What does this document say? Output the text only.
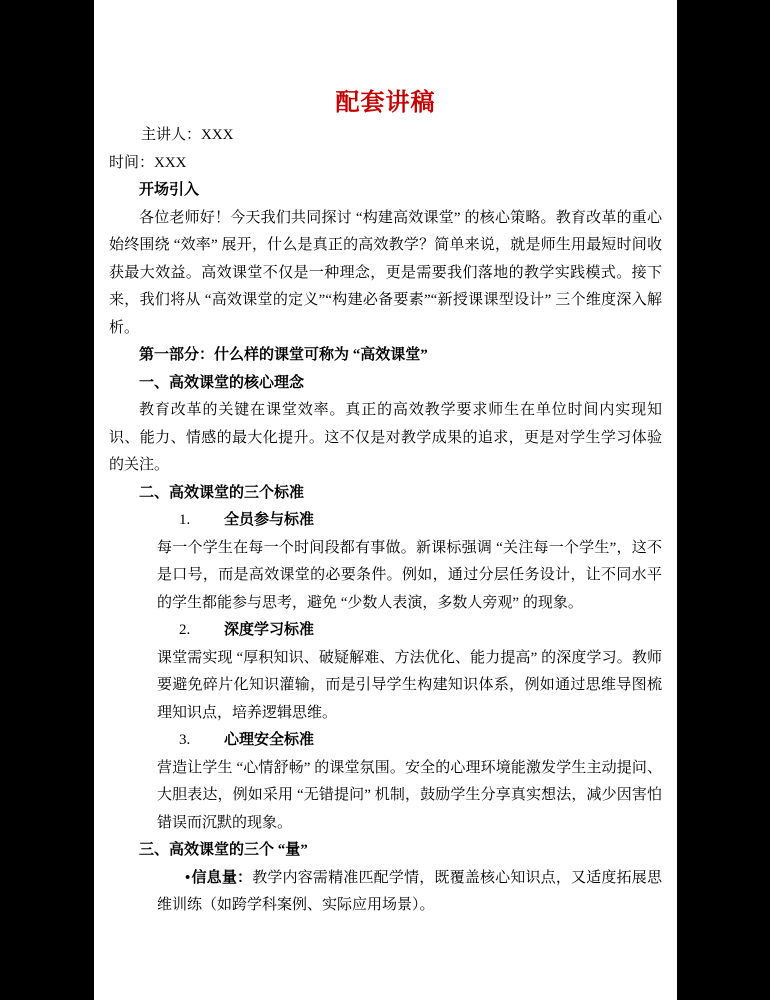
配套讲稿

主讲人：XXX

时间：XXX

开场引入

各位老师好！今天我们共同探讨 “构建高效课堂” 的核心策略。教育改革的重心始终围绕 “效率” 展开，什么是真正的高效教学？简单来说，就是师生用最短时间收获最大效益。高效课堂不仅是一种理念，更是需要我们落地的教学实践模式。接下来，我们将从 “高效课堂的定义”“构建必备要素”“新授课课型设计” 三个维度深入解析。

第一部分：什么样的课堂可称为 “高效课堂”

一、高效课堂的核心理念

教育改革的关键在课堂效率。真正的高效教学要求师生在单位时间内实现知识、能力、情感的最大化提升。这不仅是对教学成果的追求，更是对学生学习体验的关注。

二、高效课堂的三个标准

1. 全员参与标准

每一个学生在每一个时间段都有事做。新课标强调 “关注每一个学生”，这不是口号，而是高效课堂的必要条件。例如，通过分层任务设计，让不同水平的学生都能参与思考，避免 “少数人表演，多数人旁观” 的现象。

2. 深度学习标准

课堂需实现 “厚积知识、破疑解难、方法优化、能力提高” 的深度学习。教师要避免碎片化知识灌输，而是引导学生构建知识体系，例如通过思维导图梳理知识点，培养逻辑思维。

3. 心理安全标准

营造让学生 “心情舒畅” 的课堂氛围。安全的心理环境能激发学生主动提问、大胆表达，例如采用 “无错提问” 机制，鼓励学生分享真实想法，减少因害怕错误而沉默的现象。

三、高效课堂的三个 “量”

•信息量：教学内容需精准匹配学情，既覆盖核心知识点，又适度拓展思维训练（如跨学科案例、实际应用场景）。
